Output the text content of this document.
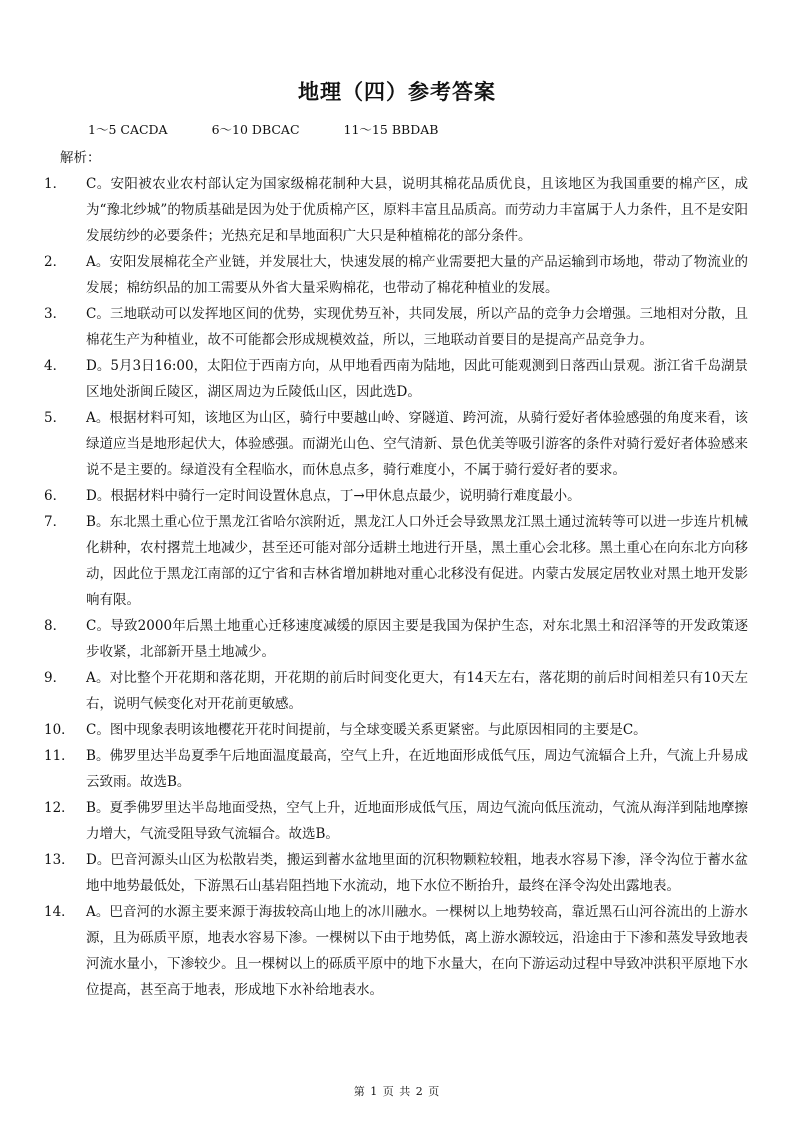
地理（四）参考答案
1～5 CACDA	6～10 DBCAC	11～15 BBDAB
解析：
1．	C。安阳被农业农村部认定为国家级棉花制种大县，说明其棉花品质优良，且该地区为我国重要的棉产区，成为“豫北纱城”的物质基础是因为处于优质棉产区，原料丰富且品质高。而劳动力丰富属于人力条件，且不是安阳发展纺纱的必要条件；光热充足和旱地面积广大只是种植棉花的部分条件。
2．	A。安阳发展棉花全产业链，并发展壮大，快速发展的棉产业需要把大量的产品运输到市场地，带动了物流业的发展；棉纺织品的加工需要从外省大量采购棉花，也带动了棉花种植业的发展。
3．	C。三地联动可以发挥地区间的优势，实现优势互补，共同发展，所以产品的竞争力会增强。三地相对分散，且棉花生产为种植业，故不可能都会形成规模效益，所以，三地联动首要目的是提高产品竞争力。
4．	D。5月3日16:00，太阳位于西南方向，从甲地看西南为陆地，因此可能观测到日落西山景观。浙江省千岛湖景区地处浙闽丘陵区，湖区周边为丘陵低山区，因此选D。
5．	A。根据材料可知，该地区为山区，骑行中要越山岭、穿隧道、跨河流，从骑行爱好者体验感强的角度来看，该绿道应当是地形起伏大，体验感强。而湖光山色、空气清新、景色优美等吸引游客的条件对骑行爱好者体验感来说不是主要的。绿道没有全程临水，而休息点多，骑行难度小，不属于骑行爱好者的要求。
6．	D。根据材料中骑行一定时间设置休息点，丁→甲休息点最少，说明骑行难度最小。
7．	B。东北黑土重心位于黑龙江省哈尔滨附近，黑龙江人口外迁会导致黑龙江黑土通过流转等可以进一步连片机械化耕种，农村撂荒土地减少，甚至还可能对部分适耕土地进行开垦，黑土重心会北移。黑土重心在向东北方向移动，因此位于黑龙江南部的辽宁省和吉林省增加耕地对重心北移没有促进。内蒙古发展定居牧业对黑土地开发影响有限。
8．	C。导致2000年后黑土地重心迁移速度减缓的原因主要是我国为保护生态，对东北黑土和沼泽等的开发政策逐步收紧，北部新开垦土地减少。
9．	A。对比整个开花期和落花期，开花期的前后时间变化更大，有14天左右，落花期的前后时间相差只有10天左右，说明气候变化对开花前更敏感。
10． C。图中现象表明该地樱花开花时间提前，与全球变暖关系更紧密。与此原因相同的主要是C。
11． B。佛罗里达半岛夏季午后地面温度最高，空气上升，在近地面形成低气压，周边气流辐合上升，气流上升易成云致雨。故选B。
12． B。夏季佛罗里达半岛地面受热，空气上升，近地面形成低气压，周边气流向低压流动，气流从海洋到陆地摩擦力增大，气流受阻导致气流辐合。故选B。
13． D。巴音河源头山区为松散岩类，搬运到蓄水盆地里面的沉积物颗粒较粗，地表水容易下渗，泽令沟位于蓄水盆地中地势最低处，下游黑石山基岩阻挡地下水流动，地下水位不断抬升，最终在泽令沟处出露地表。
14． A。巴音河的水源主要来源于海拔较高山地上的冰川融水。一棵树以上地势较高，靠近黑石山河谷流出的上游水源，且为砾质平原，地表水容易下渗。一棵树以下由于地势低，离上游水源较远，沿途由于下渗和蒸发导致地表河流水量小，下渗较少。且一棵树以上的砾质平原中的地下水量大，在向下游运动过程中导致冲洪积平原地下水位提高，甚至高于地表，形成地下水补给地表水。
第 1 页 共 2 页
